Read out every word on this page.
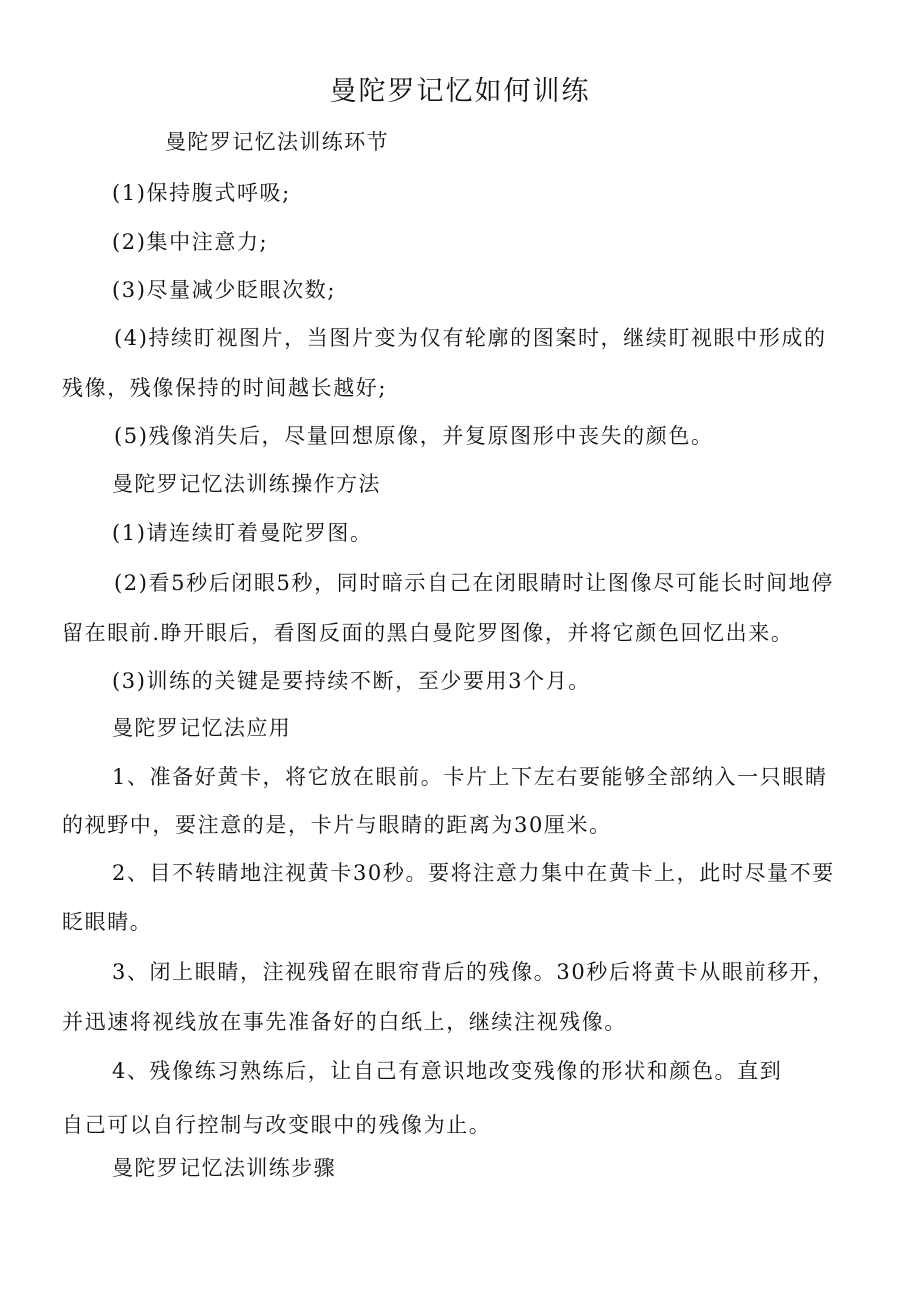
曼陀罗记忆如何训练
曼陀罗记忆法训练环节
(1)保持腹式呼吸;
(2)集中注意力;
(3)尽量减少眨眼次数;
(4)持续盯视图片，当图片变为仅有轮廓的图案时，继续盯视眼中形成的
残像，残像保持的时间越长越好;
(5)残像消失后，尽量回想原像，并复原图形中丧失的颜色。
曼陀罗记忆法训练操作方法
(1)请连续盯着曼陀罗图。
(2)看5秒后闭眼5秒，同时暗示自己在闭眼睛时让图像尽可能长时间地停
留在眼前.睁开眼后，看图反面的黑白曼陀罗图像，并将它颜色回忆出来。
(3)训练的关键是要持续不断，至少要用3个月。
曼陀罗记忆法应用
1、准备好黄卡，将它放在眼前。卡片上下左右要能够全部纳入一只眼睛
的视野中，要注意的是，卡片与眼睛的距离为30厘米。
2、目不转睛地注视黄卡30秒。要将注意力集中在黄卡上，此时尽量不要
眨眼睛。
3、闭上眼睛，注视残留在眼帘背后的残像。30秒后将黄卡从眼前移开，
并迅速将视线放在事先准备好的白纸上，继续注视残像。
4、残像练习熟练后，让自己有意识地改变残像的形状和颜色。直到
自己可以自行控制与改变眼中的残像为止。
曼陀罗记忆法训练步骤
